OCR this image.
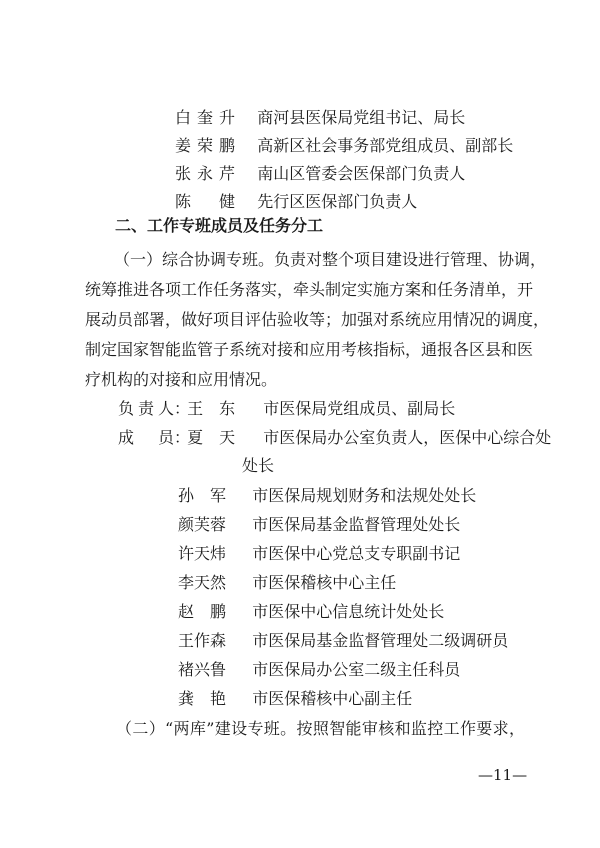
白奎升 商河县医保局党组书记、局长
姜荣鹏 高新区社会事务部党组成员、副部长
张永芹 南山区管委会医保部门负责人
陈　健 先行区医保部门负责人
二、工作专班成员及任务分工
（一）综合协调专班。负责对整个项目建设进行管理、协调，
统筹推进各项工作任务落实，牵头制定实施方案和任务清单，开
展动员部署，做好项目评估验收等；加强对系统应用情况的调度，
制定国家智能监管子系统对接和应用考核指标，通报各区县和医
疗机构的对接和应用情况。
负责人： 王　东 市医保局党组成员、副局长
成　员： 夏　天 市医保局办公室负责人，医保中心综合处
处长
孙　军 市医保局规划财务和法规处处长
颜芙蓉 市医保局基金监督管理处处长
许天炜 市医保中心党总支专职副书记
李天然 市医保稽核中心主任
赵　鹏 市医保中心信息统计处处长
王作森 市医保局基金监督管理处二级调研员
褚兴鲁 市医保局办公室二级主任科员
龚　艳 市医保稽核中心副主任
（二）“两库”建设专班。按照智能审核和监控工作要求，
—11—
